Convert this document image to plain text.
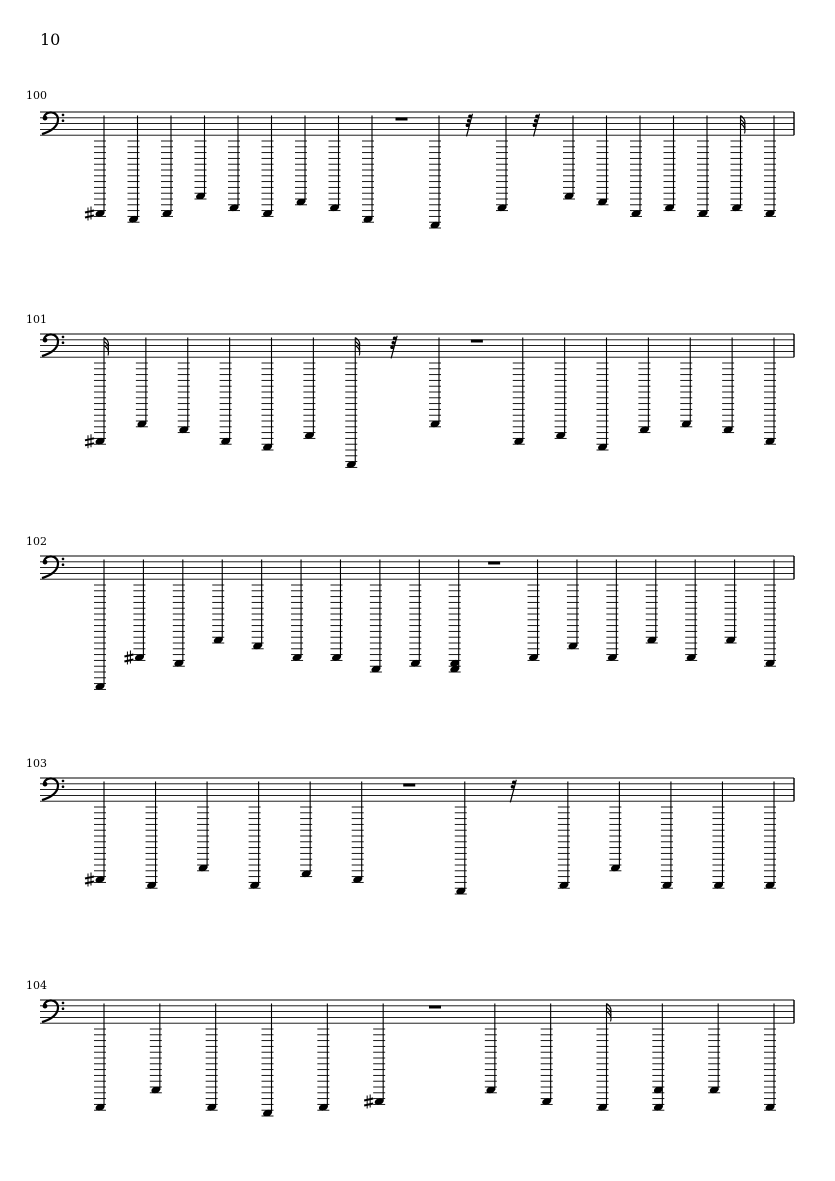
10
100
101
102
103
104
